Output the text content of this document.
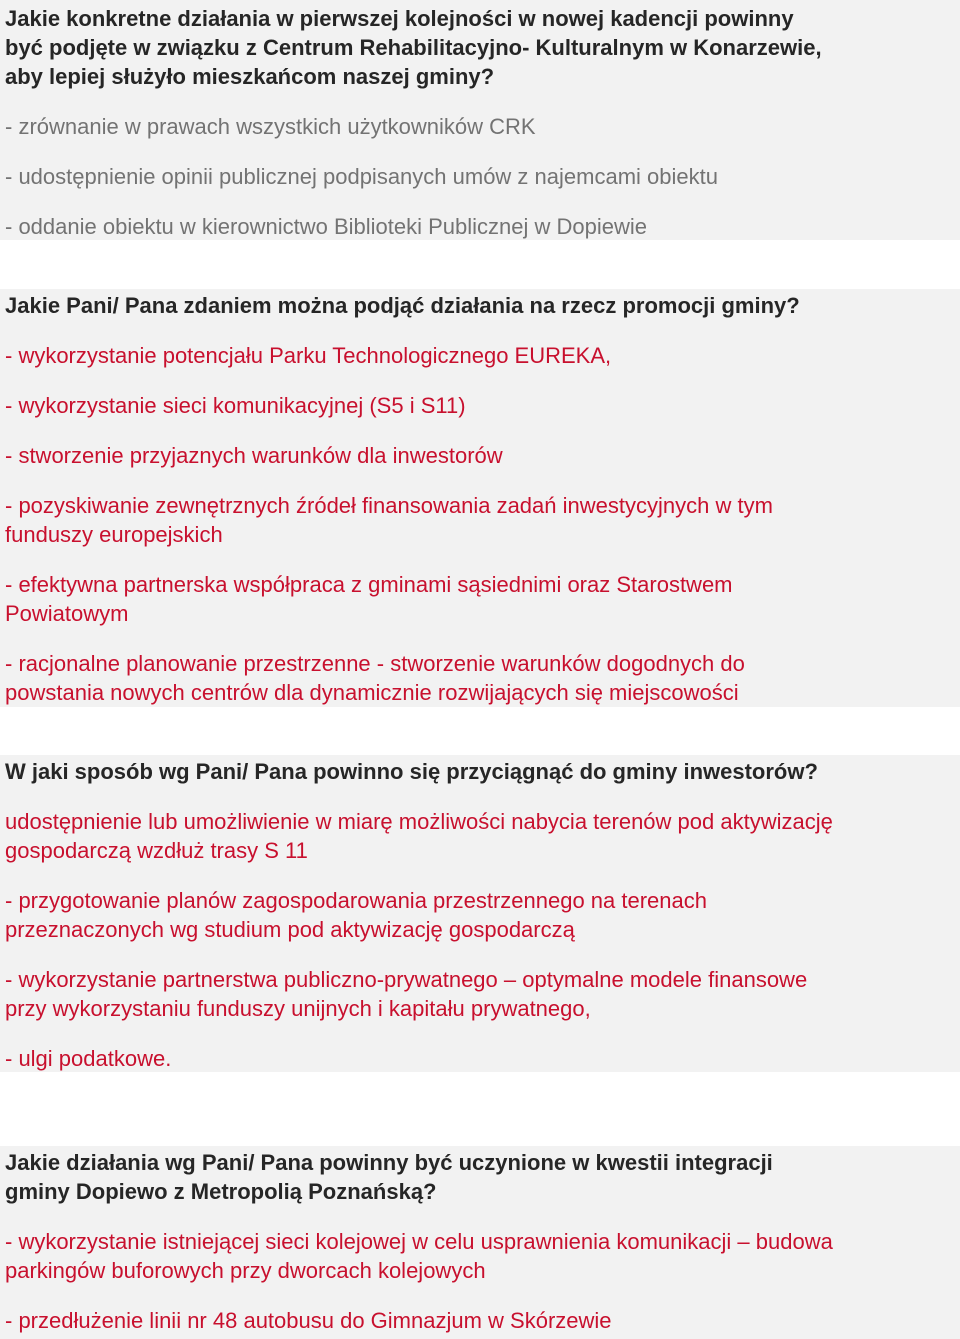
Jakie konkretne działania w pierwszej kolejności w nowej kadencji powinny
być podjęte w związku z Centrum Rehabilitacyjno- Kulturalnym w Konarzewie,
aby lepiej służyło mieszkańcom naszej gminy?
- zrównanie w prawach wszystkich użytkowników CRK
- udostępnienie opinii publicznej podpisanych umów z najemcami obiektu
- oddanie obiektu w kierownictwo Biblioteki Publicznej w Dopiewie
Jakie Pani/ Pana zdaniem można podjąć działania na rzecz promocji gminy?
- wykorzystanie potencjału Parku Technologicznego EUREKA,
- wykorzystanie sieci komunikacyjnej (S5 i S11)
- stworzenie przyjaznych warunków dla inwestorów
- pozyskiwanie zewnętrznych źródeł finansowania zadań inwestycyjnych w tym
funduszy europejskich
- efektywna partnerska współpraca z gminami sąsiednimi oraz Starostwem
Powiatowym
- racjonalne planowanie przestrzenne - stworzenie warunków dogodnych do
powstania nowych centrów dla dynamicznie rozwijających się miejscowości
W jaki sposób wg Pani/ Pana powinno się przyciągnąć do gminy inwestorów?
udostępnienie lub umożliwienie w miarę możliwości nabycia terenów pod aktywizację
gospodarczą wzdłuż trasy S 11
- przygotowanie planów zagospodarowania przestrzennego na terenach
przeznaczonych wg studium pod aktywizację gospodarczą
- wykorzystanie partnerstwa publiczno-prywatnego – optymalne modele finansowe
przy wykorzystaniu funduszy unijnych i kapitału prywatnego,
- ulgi podatkowe.
Jakie działania wg Pani/ Pana powinny być uczynione w kwestii integracji
gminy Dopiewo z Metropolią Poznańską?
- wykorzystanie istniejącej sieci kolejowej w celu usprawnienia komunikacji – budowa
parkingów buforowych przy dworcach kolejowych
- przedłużenie linii nr 48 autobusu do Gimnazjum w Skórzewie
